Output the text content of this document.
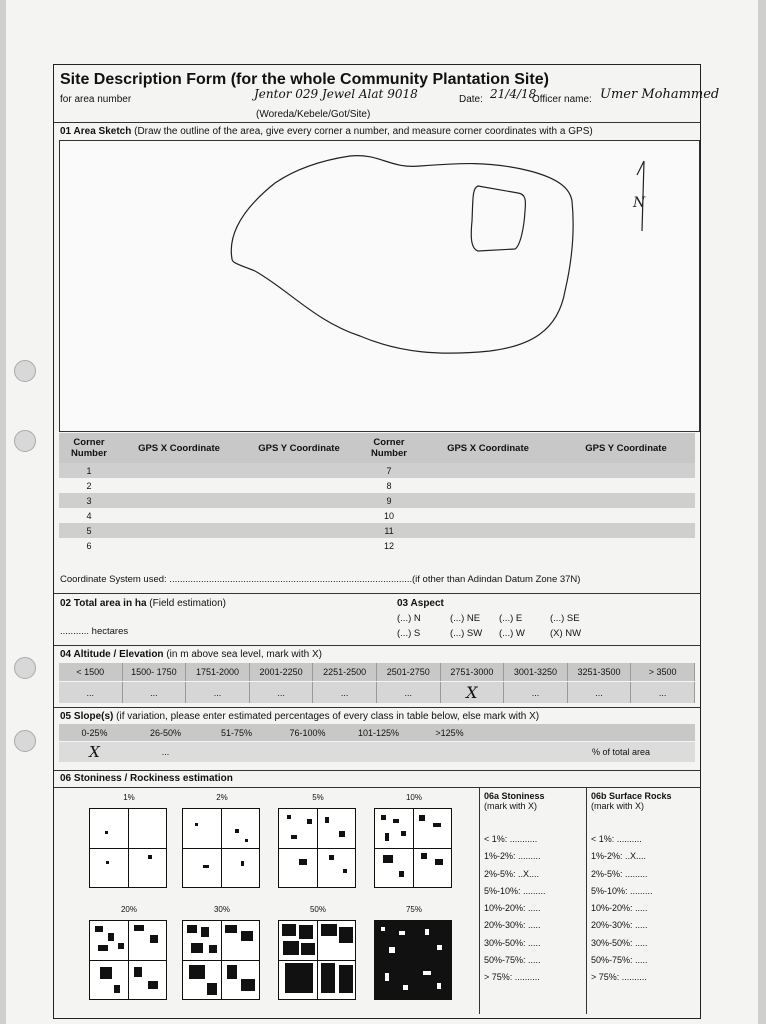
Site Description Form (for the whole Community Plantation Site)
for area number	Jentor 029 Jewel Alat 9018	Date: 21/4/18
Officer name: Umer Mohammed
(Woreda/Kebele/Got/Site)
01 Area Sketch (Draw the outline of the area, give every corner a number, and measure corner coordinates with a GPS)
N
Corner Number	GPS X Coordinate	GPS Y Coordinate	Corner Number	GPS X Coordinate	GPS Y Coordinate
1			7		
2			8		
3			9		
4			10		
5			11		
6			12		
Coordinate System used: ............................................................................................ (if other than Adindan Datum Zone 37N)
02 Total area in ha (Field estimation)
........... hectares
03 Aspect
(...) N	(...) NE (...) E	(...) SE
(...) S	(...) SW (...) W	(X) NW
04 Altitude / Elevation (in m above sea level, mark with X)
< 1500	1500- 1750	1751-2000	2001-2250	2251-2500	2501-2750	2751-3000	3001-3250	3251-3500	> 3500
...	...	...	...	...	...	X	...	...	...
05 Slope(s) (if variation, please enter estimated percentages of every class in table below, else mark with X)
0-25%	26-50%	51-75%	76-100%	101-125%	>125%
X	...	% of total area
06 Stoniness / Rockiness estimation
1%	2%	5%	10%
20%	30%	50%	75%
06a Stoniness
(mark with X)
< 1%: ...........
1%-2%: .........
2%-5%: ..X....
5%-10%: .........
10%-20%: .....
20%-30%: .....
30%-50%: .....
50%-75%: .....
> 75%: ..........
06b Surface Rocks
(mark with X)
< 1%: ..........
1%-2%: ..X....
2%-5%: .........
5%-10%: .........
10%-20%: .....
20%-30%: .....
30%-50%: .....
50%-75%: .....
> 75%: ..........
